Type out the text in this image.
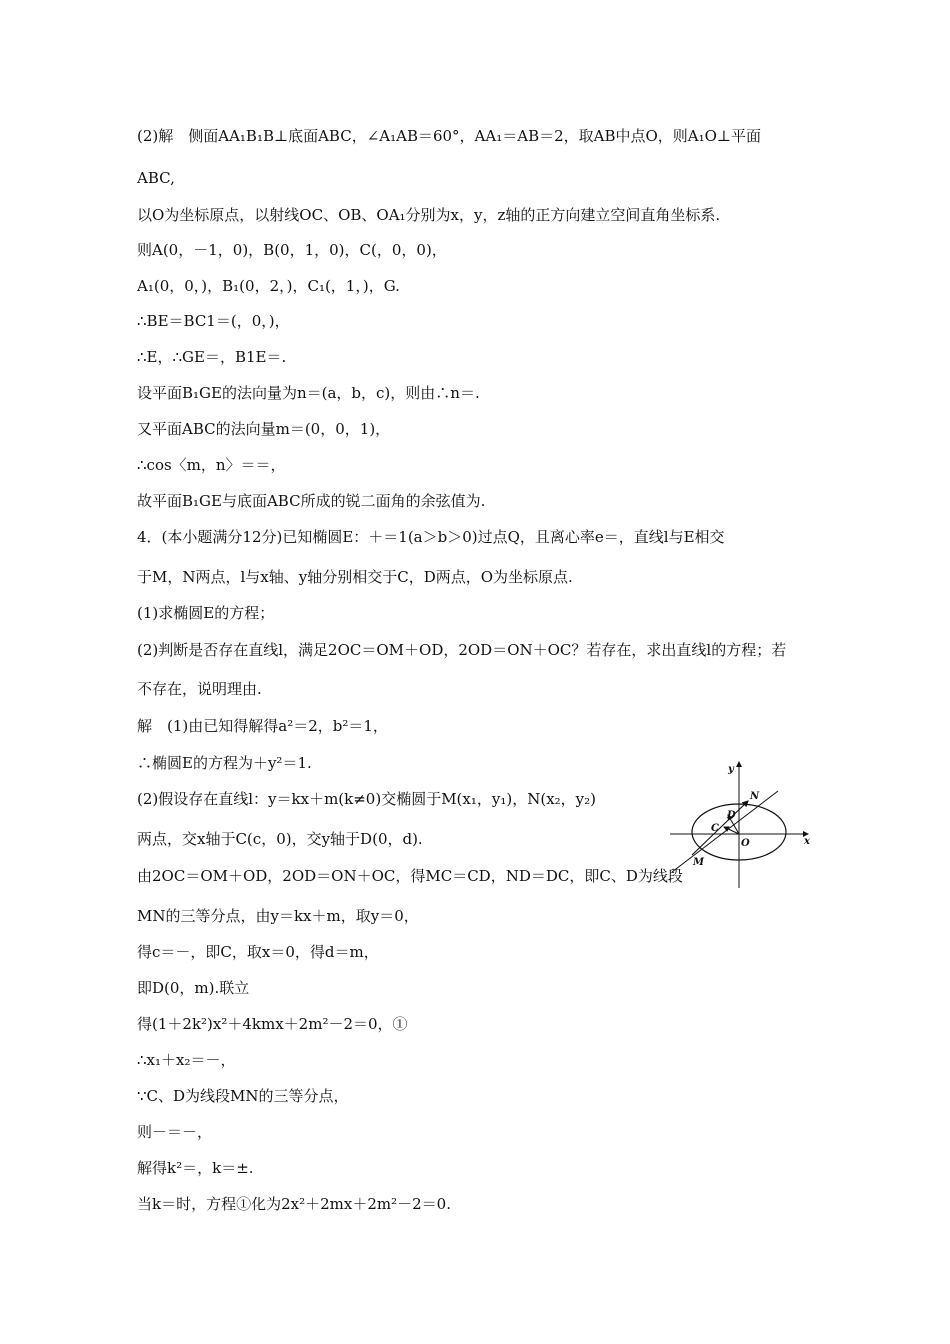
(2)解　侧面AA₁B₁B⊥底面ABC，∠A₁AB＝60°，AA₁＝AB＝2，取AB中点O，则A₁O⊥平面
ABC,
以O为坐标原点，以射线OC、OB、OA₁分别为x，y，z轴的正方向建立空间直角坐标系.
则A(0，－1，0)，B(0，1，0)，C(，0，0)，
A₁(0，0，)，B₁(0，2，)，C₁(，1，)，G.
∴BE＝BC1＝(，0，)，
∴E，∴GE＝，B1E＝.
设平面B₁GE的法向量为n＝(a，b，c)，则由∴n＝.
又平面ABC的法向量m＝(0，0，1)，
∴cos〈m，n〉＝＝，
故平面B₁GE与底面ABC所成的锐二面角的余弦值为.
4．(本小题满分12分)已知椭圆E：＋＝1(a＞b＞0)过点Q，且离心率e＝，直线l与E相交
于M，N两点，l与x轴、y轴分别相交于C，D两点，O为坐标原点.
(1)求椭圆E的方程；
(2)判断是否存在直线l，满足2OC＝OM＋OD，2OD＝ON＋OC？若存在，求出直线l的方程；若
不存在，说明理由.
解　(1)由已知得解得a²＝2，b²＝1，
∴椭圆E的方程为＋y²＝1.
(2)假设存在直线l：y＝kx＋m(k≠0)交椭圆于M(x₁，y₁)，N(x₂，y₂)
两点，交x轴于C(c，0)，交y轴于D(0，d).
由2OC＝OM＋OD，2OD＝ON＋OC，得MC＝CD，ND＝DC，即C、D为线段
MN的三等分点，由y＝kx＋m，取y＝0，
得c＝－，即C，取x＝0，得d＝m，
即D(0，m).联立
得(1＋2k²)x²＋4kmx＋2m²－2＝0，①
∴x₁＋x₂＝－，
∵C、D为线段MN的三等分点，
则－＝－，
解得k²＝，k＝±.
当k＝时，方程①化为2x²＋2mx＋2m²－2＝0.
y
x
N
D
C
O
M
